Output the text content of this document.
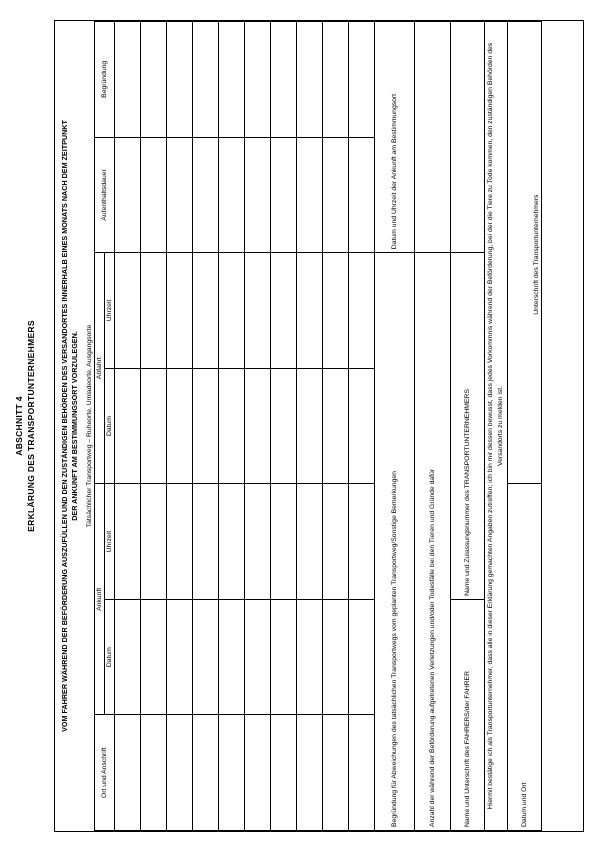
ABSCHNITT 4 ERKLÄRUNG DES TRANSPORTUNTERNEHMERS	VOM FAHRER WÄHREND DER BEFÖRDERUNG AUSZUFÜLLEN UND DEN ZUSTÄNDIGEN BEHÖRDEN DES VERSANDORTES INNERHALB EINES MONATS NACH DEM ZEITPUNKT DER ANKUNFT AM BESTIMMUNGSORT VORZULEGEN. Tatsächlicher Transportweg – Ruheorte, Umladeorte, Ausgangsorte						
Ort und Anschrift	Ankunft		Abfahrt		Aufenthaltsdauer	Begründung
	Datum	Uhrzeit	Datum	Uhrzeit		

Begründung für Abweichungen des tatsächlichen Transportwegs vom geplanten Transportweg/Sonstige Bemerkungen					Datum und Uhrzeit der Ankunft am Bestimmungsort	
Anzahl der während der Beförderung aufgetretenen Verletzungen und/oder Todesfälle bei den Tieren und Gründe dafür						
Name und Unterschrift des FAHRERS/der FAHRER		Name und Zulassungsnummer des TRANSPORTUNTERNEHMERS				
Hiermit bestätige ich als Transportunternehmer, dass alle in dieser Erklärung gemachten Angaben zutreffen; ich bin mir dessen bewusst, dass jedes Vorkommnis während der Beförderung, bei der die Tiere zu Tode kommen, den zuständigen Behörden des Versandorts zu melden ist.						
Datum und Ort			Unterschrift des Transportunternehmers			
